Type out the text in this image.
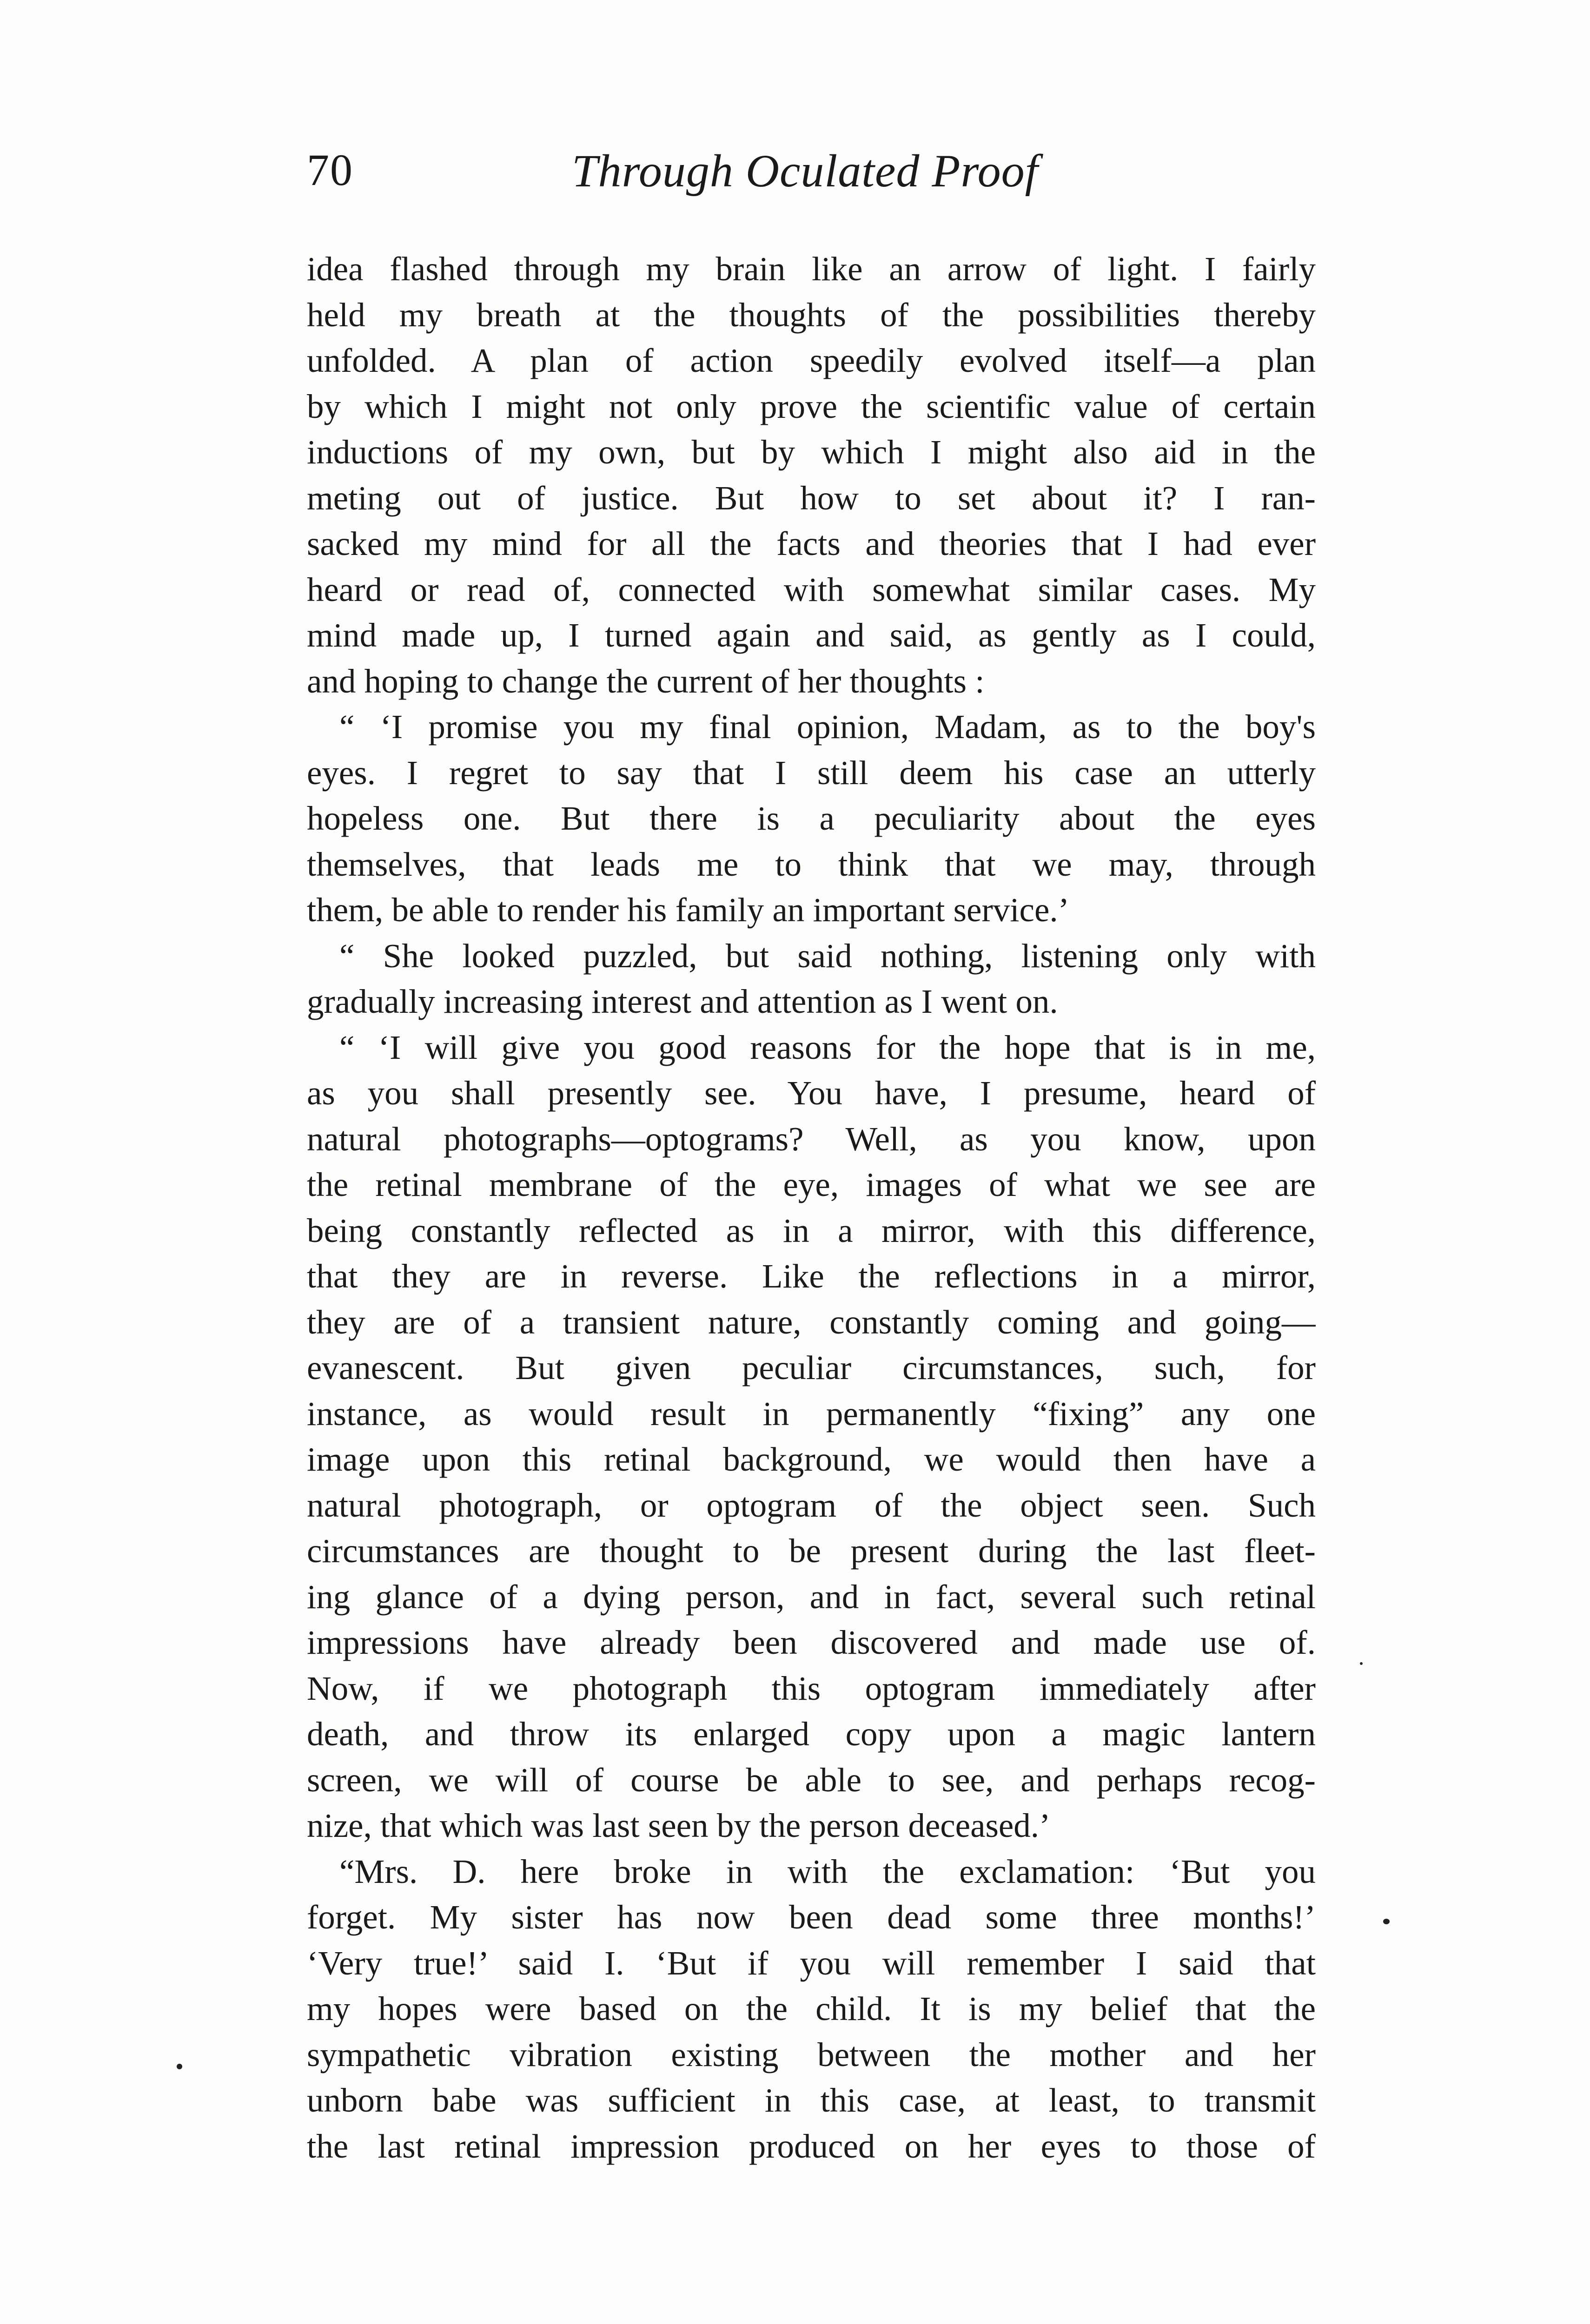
70	Through Oculated Proof
idea flashed through my brain like an arrow of light. I fairly
held my breath at the thoughts of the possibilities thereby
unfolded. A plan of action speedily evolved itself—a plan
by which I might not only prove the scientific value of certain
inductions of my own, but by which I might also aid in the
meting out of justice. But how to set about it? I ran-
sacked my mind for all the facts and theories that I had ever
heard or read of, connected with somewhat similar cases. My
mind made up, I turned again and said, as gently as I could,
and hoping to change the current of her thoughts :
“ ‘I promise you my final opinion, Madam, as to the boy's
eyes. I regret to say that I still deem his case an utterly
hopeless one. But there is a peculiarity about the eyes
themselves, that leads me to think that we may, through
them, be able to render his family an important service.’
“ She looked puzzled, but said nothing, listening only with
gradually increasing interest and attention as I went on.
“ ‘I will give you good reasons for the hope that is in me,
as you shall presently see. You have, I presume, heard of
natural photographs—optograms? Well, as you know, upon
the retinal membrane of the eye, images of what we see are
being constantly reflected as in a mirror, with this difference,
that they are in reverse. Like the reflections in a mirror,
they are of a transient nature, constantly coming and going—
evanescent. But given peculiar circumstances, such, for
instance, as would result in permanently “fixing” any one
image upon this retinal background, we would then have a
natural photograph, or optogram of the object seen. Such
circumstances are thought to be present during the last fleet-
ing glance of a dying person, and in fact, several such retinal
impressions have already been discovered and made use of.
Now, if we photograph this optogram immediately after
death, and throw its enlarged copy upon a magic lantern
screen, we will of course be able to see, and perhaps recog-
nize, that which was last seen by the person deceased.’
“Mrs. D. here broke in with the exclamation: ‘But you
forget. My sister has now been dead some three months!’
‘Very true!’ said I. ‘But if you will remember I said that
my hopes were based on the child. It is my belief that the
sympathetic vibration existing between the mother and her
unborn babe was sufficient in this case, at least, to transmit
the last retinal impression produced on her eyes to those of
